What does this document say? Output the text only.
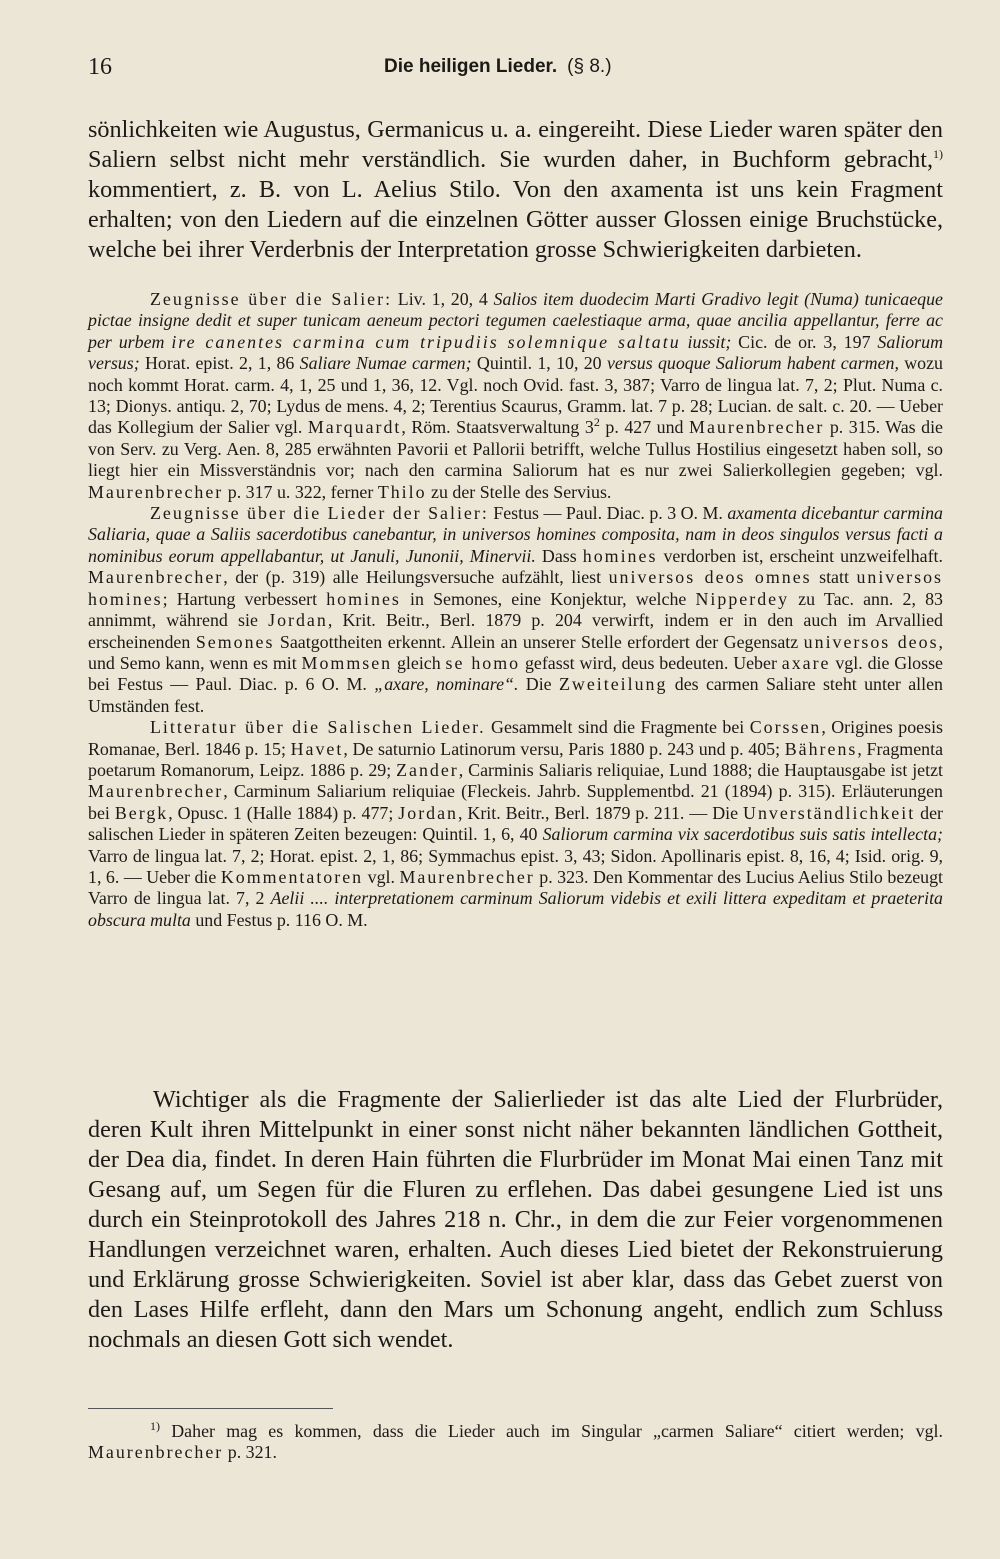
16	Die heiligen Lieder. (§ 8.)
sönlichkeiten wie Augustus, Germanicus u. a. eingereiht. Diese Lieder waren später den Saliern selbst nicht mehr verständlich. Sie wurden daher, in Buchform gebracht,$^{1)}$ kommentiert, z. B. von L. Aelius Stilo. Von den axamenta ist uns kein Fragment erhalten; von den Liedern auf die einzelnen Götter ausser Glossen einige Bruchstücke, welche bei ihrer Verderbnis der Interpretation grosse Schwierigkeiten darbieten.

Zeugnisse über die Salier: Liv. 1, 20, 4 Salios item duodecim Marti Gradivo legit (Numa) tunicaeque pictae insigne dedit et super tunicam aeneum pectori tegumen caelestiaque arma, quae ancilia appellantur, ferre ac per urbem ire canentes carmina cum tripudiis solemnique saltatu iussit; Cic. de or. 3, 197 Saliorum versus; Horat. epist. 2, 1, 86 Saliare Numae carmen; Quintil. 1, 10, 20 versus quoque Saliorum habent carmen, wozu noch kommt Horat. carm. 4, 1, 25 und 1, 36, 12. Vgl. noch Ovid. fast. 3, 387; Varro de lingua lat. 7, 2; Plut. Numa c. 13; Dionys. antiqu. 2, 70; Lydus de mens. 4, 2; Terentius Scaurus, Gramm. lat. 7 p. 28; Lucian. de salt. c. 20. — Ueber das Kollegium der Salier vgl. Marquardt, Röm. Staatsverwaltung $3^2$ p. 427 und Maurenbrecher p. 315. Was die von Serv. zu Verg. Aen. 8, 285 erwähnten Pavorii et Pallorii betrifft, welche Tullus Hostilius eingesetzt haben soll, so liegt hier ein Missverständnis vor; nach den carmina Saliorum hat es nur zwei Salierkollegien gegeben; vgl. Maurenbrecher p. 317 u. 322, ferner Thilo zu der Stelle des Servius.

Zeugnisse über die Lieder der Salier: Festus — Paul. Diac. p. 3 O. M. axamenta dicebantur carmina Saliaria, quae a Saliis sacerdotibus canebantur, in universos homines composita, nam in deos singulos versus facti a nominibus eorum appellabantur, ut Januli, Junonii, Minervii. Dass homines verdorben ist, erscheint unzweifelhaft. Maurenbrecher, der (p. 319) alle Heilungsversuche aufzählt, liest universos deos omnes statt universos homines; Hartung verbessert homines in Semones, eine Konjektur, welche Nipperdey zu Tac. ann. 2, 83 annimmt, während sie Jordan, Krit. Beitr., Berl. 1879 p. 204 verwirft, indem er in den auch im Arvallied erscheinenden Semones Saatgottheiten erkennt. Allein an unserer Stelle erfordert der Gegensatz universos deos, und Semo kann, wenn es mit Mommsen gleich se homo gefasst wird, deus bedeuten. Ueber axare vgl. die Glosse bei Festus — Paul. Diac. p. 6 O. M. „axare, nominare“. Die Zweiteilung des carmen Saliare steht unter allen Umständen fest.

Litteratur über die Salischen Lieder. Gesammelt sind die Fragmente bei Corssen, Origines poesis Romanae, Berl. 1846 p. 15; Havet, De saturnio Latinorum versu, Paris 1880 p. 243 und p. 405; Bährens, Fragmenta poetarum Romanorum, Leipz. 1886 p. 29; Zander, Carminis Saliaris reliquiae, Lund 1888; die Hauptausgabe ist jetzt Maurenbrecher, Carminum Saliarium reliquiae (Fleckeis. Jahrb. Supplementbd. 21 (1894) p. 315). Erläuterungen bei Bergk, Opusc. 1 (Halle 1884) p. 477; Jordan, Krit. Beitr., Berl. 1879 p. 211. — Die Unverständlichkeit der salischen Lieder in späteren Zeiten bezeugen: Quintil. 1, 6, 40 Saliorum carmina vix sacerdotibus suis satis intellecta; Varro de lingua lat. 7, 2; Horat. epist. 2, 1, 86; Symmachus epist. 3, 43; Sidon. Apollinaris epist. 8, 16, 4; Isid. orig. 9, 1, 6. — Ueber die Kommentatoren vgl. Maurenbrecher p. 323. Den Kommentar des Lucius Aelius Stilo bezeugt Varro de lingua lat. 7, 2 Aelii .... interpretationem carminum Saliorum videbis et exili littera expeditam et praeterita obscura multa und Festus p. 116 O. M.

Wichtiger als die Fragmente der Salierlieder ist das alte Lied der Flurbrüder, deren Kult ihren Mittelpunkt in einer sonst nicht näher bekannten ländlichen Gottheit, der Dea dia, findet. In deren Hain führten die Flurbrüder im Monat Mai einen Tanz mit Gesang auf, um Segen für die Fluren zu erflehen. Das dabei gesungene Lied ist uns durch ein Steinprotokoll des Jahres 218 n. Chr., in dem die zur Feier vorgenommenen Handlungen verzeichnet waren, erhalten. Auch dieses Lied bietet der Rekonstruierung und Erklärung grosse Schwierigkeiten. Soviel ist aber klar, dass das Gebet zuerst von den Lases Hilfe erfleht, dann den Mars um Schonung angeht, endlich zum Schluss nochmals an diesen Gott sich wendet.
$^{1)}$ Daher mag es kommen, dass die Lieder auch im Singular „carmen Saliare“ citiert werden; vgl. Maurenbrecher p. 321.
